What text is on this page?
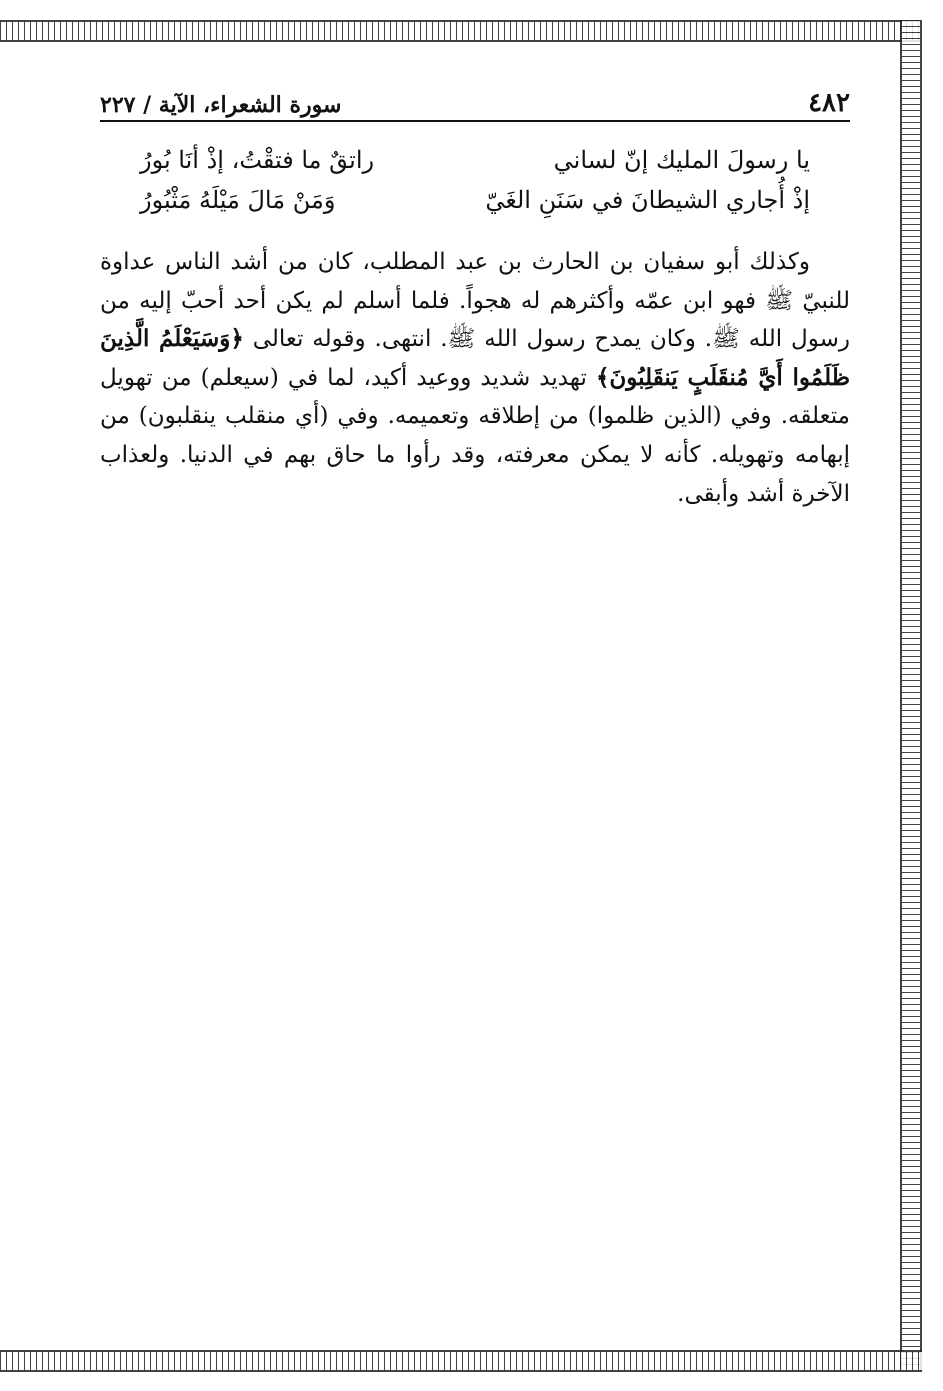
٤٨٢
سورة الشعراء، الآية / ٢٢٧
يا رسولَ المليك إنّ لساني
راتقٌ ما فتقْتُ، إذْ أنَا بُورُ
إذْ أُجاري الشيطانَ في سَنَنِ الغَيّ
وَمَنْ مَالَ مَيْلَهُ مَثْبُورُ

وكذلك أبو سفيان بن الحارث بن عبد المطلب، كان من أشد الناس عداوة للنبيّ ﷺ فهو ابن عمّه وأكثرهم له هجواً. فلما أسلم لم يكن أحد أحبّ إليه من رسول الله ﷺ. وكان يمدح رسول الله ﷺ. انتهى. وقوله تعالى ﴿وَسَيَعْلَمُ الَّذِينَ ظَلَمُوا أَيَّ مُنقَلَبٍ يَنقَلِبُونَ﴾ تهديد شديد ووعيد أكيد، لما في (سيعلم) من تهويل متعلقه. وفي (الذين ظلموا) من إطلاقه وتعميمه. وفي (أي منقلب ينقلبون) من إبهامه وتهويله. كأنه لا يمكن معرفته، وقد رأوا ما حاق بهم في الدنيا. ولعذاب الآخرة أشد وأبقى.
